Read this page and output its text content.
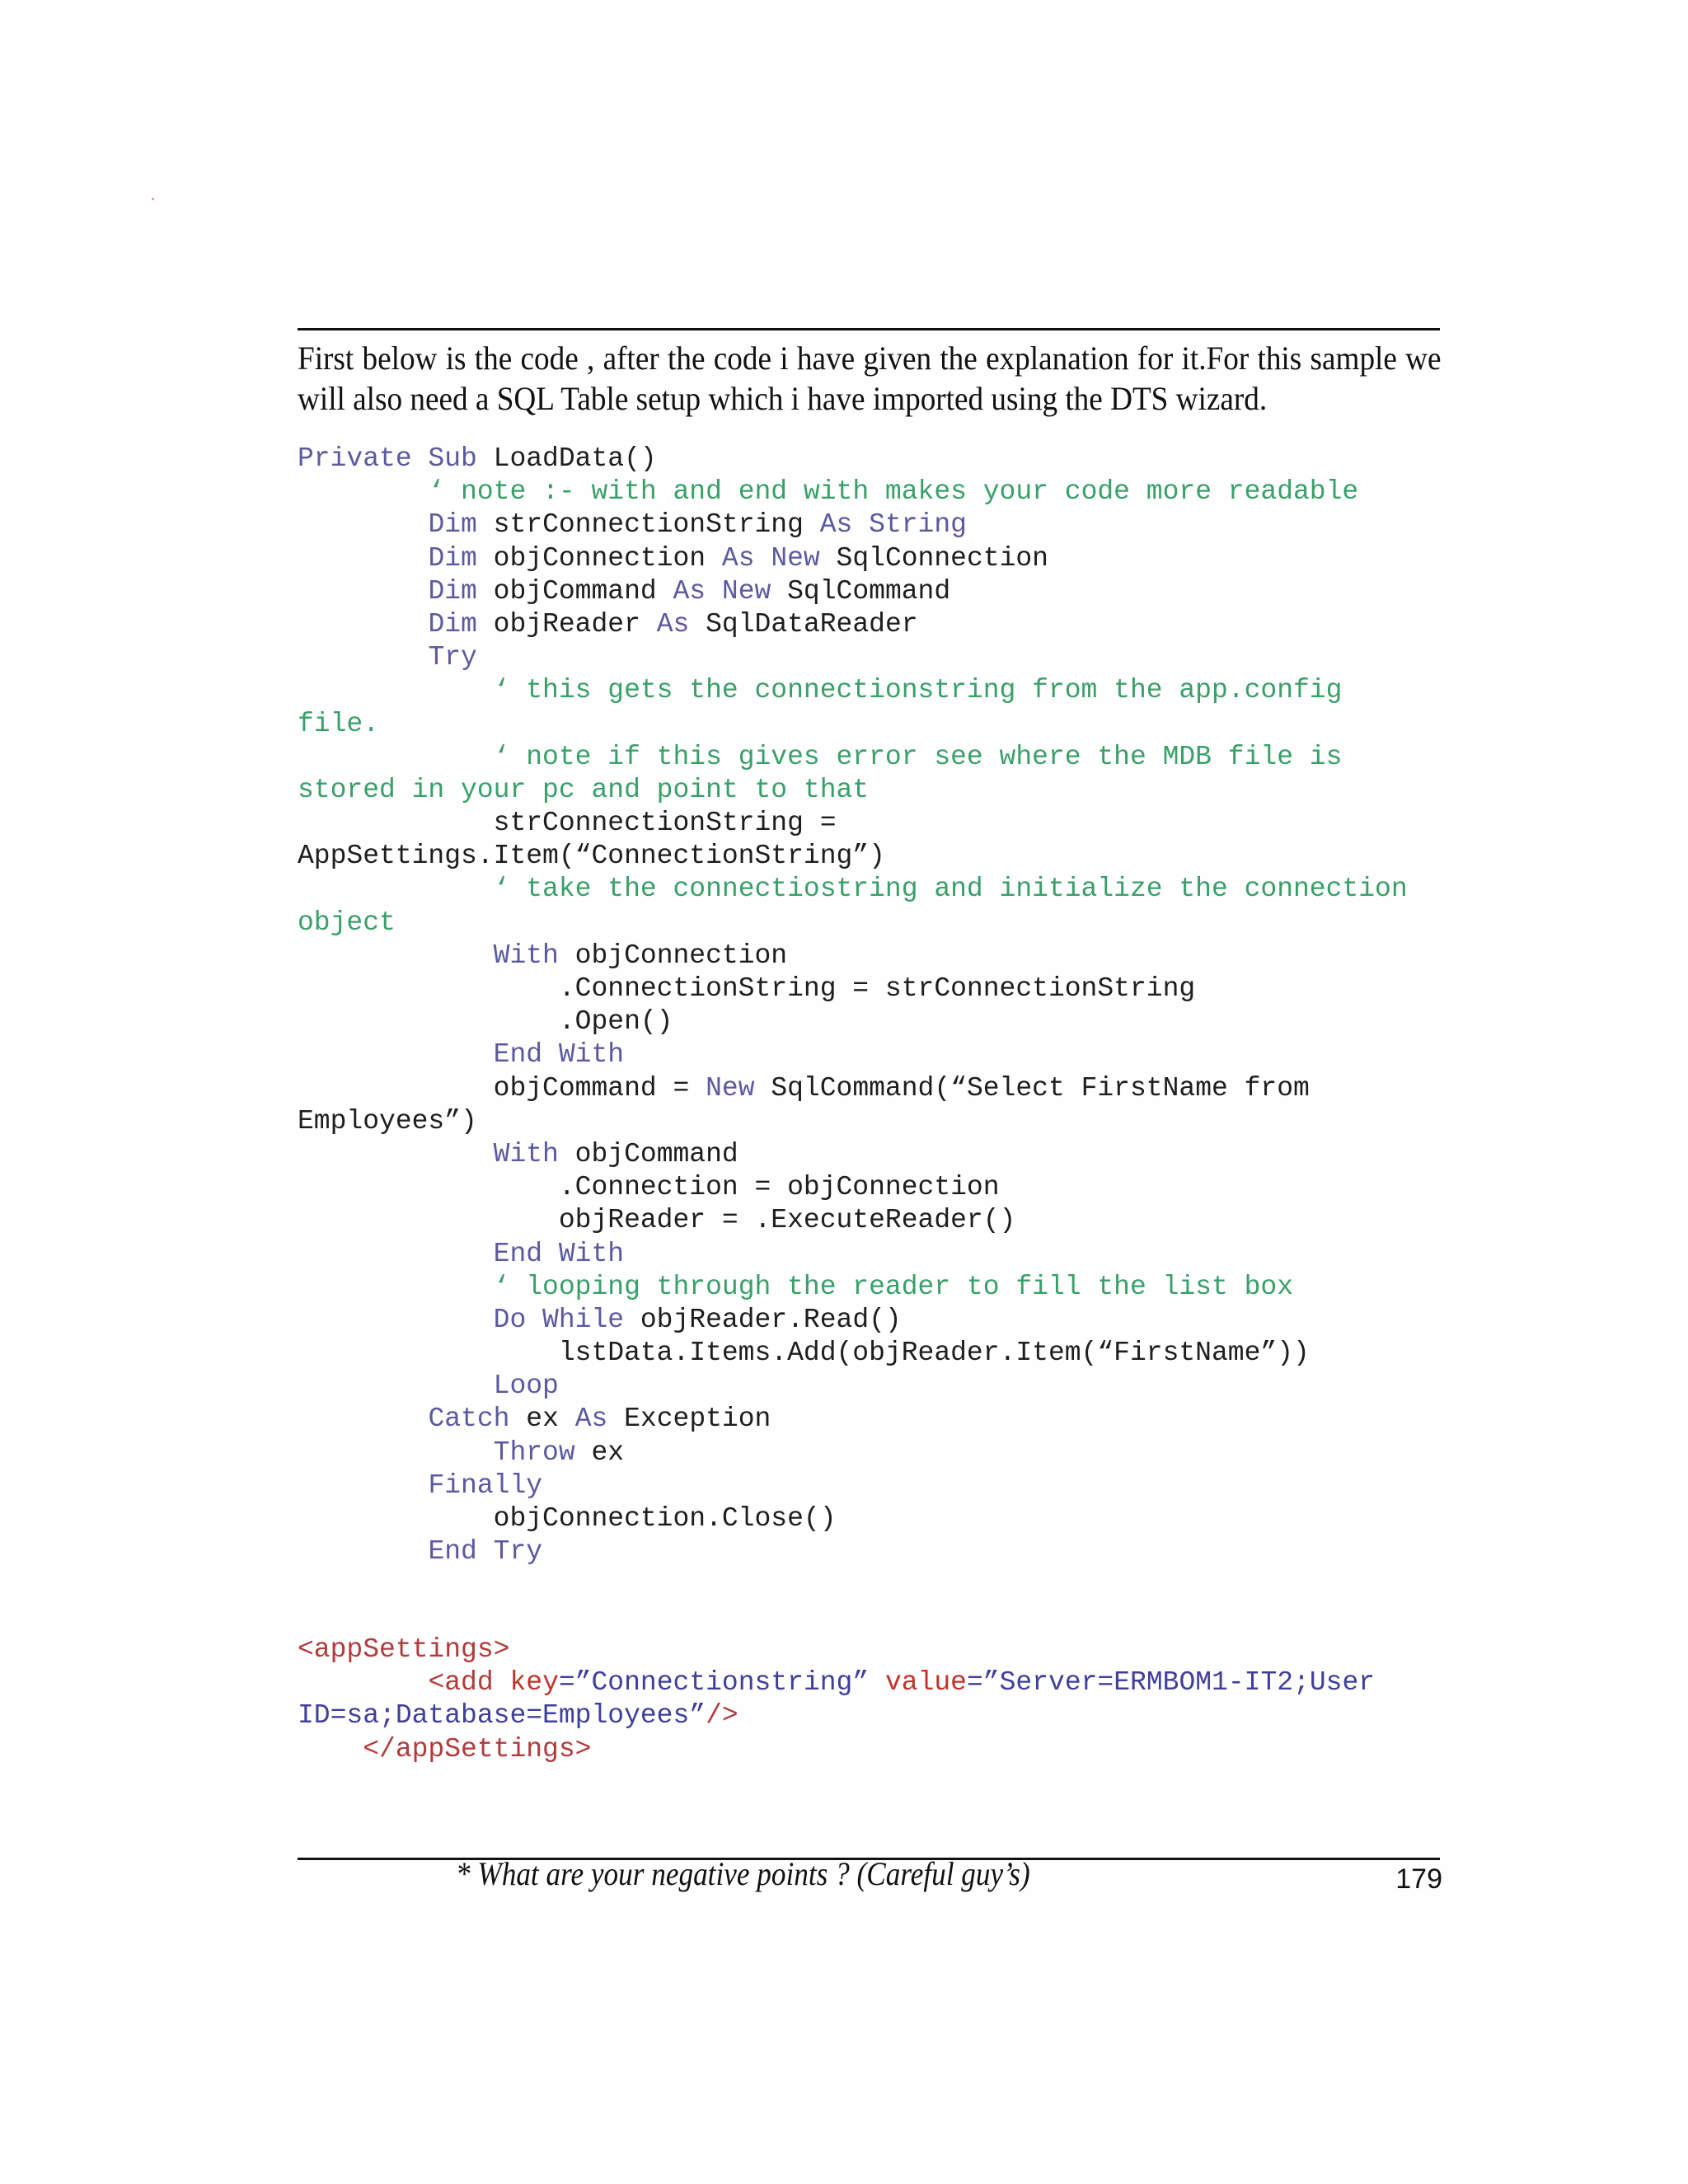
First below is the code , after the code i have given the explanation for it.For this sample we will also need a SQL Table setup which i have imported using the DTS wizard.
Private Sub LoadData()
‘ note :- with and end with makes your code more readable
Dim strConnectionString As String
Dim objConnection As New SqlConnection
Dim objCommand As New SqlCommand
Dim objReader As SqlDataReader
Try
‘ this gets the connectionstring from the app.config
file.
‘ note if this gives error see where the MDB file is
stored in your pc and point to that
strConnectionString =
AppSettings.Item(“ConnectionString”)
‘ take the connectiostring and initialize the connection
object
With objConnection
.ConnectionString = strConnectionString
.Open()
End With
objCommand = New SqlCommand(“Select FirstName from
Employees”)
With objCommand
.Connection = objConnection
objReader = .ExecuteReader()
End With
‘ looping through the reader to fill the list box
Do While objReader.Read()
lstData.Items.Add(objReader.Item(“FirstName”))
Loop
Catch ex As Exception
Throw ex
Finally
objConnection.Close()
End Try
<appSettings>
<add key=”Connectionstring” value=”Server=ERMBOM1-IT2;User
ID=sa;Database=Employees”/>
</appSettings>
* What are your negative points ? (Careful guy’s)	179
